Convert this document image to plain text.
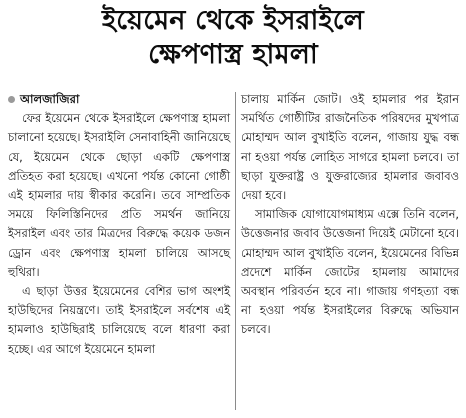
ইয়েমেন থেকে ইসরাইলে
ক্ষেপণাস্ত্র হামলা
আলজাজিরা

ফের ইয়েমেন থেকে ইসরাইলে ক্ষেপণাস্ত্র হামলা চালানো হয়েছে। ইসরাইলি সেনাবাহিনী জানিয়েছে যে, ইয়েমেন থেকে ছোড়া একটি ক্ষেপণাস্ত্র প্রতিহত করা হয়েছে। এখনো পর্যন্ত কোনো গোষ্ঠী এই হামলার দায় স্বীকার করেনি। তবে সাম্প্রতিক সময়ে ফিলিস্তিনিদের প্রতি সমর্থন জানিয়ে ইসরাইল এবং তার মিত্রদের বিরুদ্ধে কয়েক ডজন ড্রোন এবং ক্ষেপণাস্ত্র হামলা চালিয়ে আসছে হুথিরা।

এ ছাড়া উত্তর ইয়েমেনের বেশির ভাগ অংশই হাউছিদের নিয়ন্ত্রণে। তাই ইসরাইলে সর্বশেষ এই হামলাও হাউছিরাই চালিয়েছে বলে ধারণা করা হচ্ছে। এর আগে ইয়েমেনে হামলা

চালায় মার্কিন জোট। ওই হামলার পর ইরান সমর্থিত গোষ্ঠীটির রাজনৈতিক পরিষদের মুখপাত্র মোহাম্মদ আল বুখাইতি বলেন, গাজায় যুদ্ধ বন্ধ না হওয়া পর্যন্ত লোহিত সাগরে হামলা চলবে। তা ছাড়া যুক্তরাষ্ট্র ও যুক্তরাজ্যের হামলার জবাবও দেয়া হবে।

সামাজিক যোগাযোগমাধ্যম এক্সে তিনি বলেন, উত্তেজনার জবাব উত্তেজনা দিয়েই মেটানো হবে। মোহাম্মদ আল বুখাইতি বলেন, ইয়েমেনের বিভিন্ন প্রদেশে মার্কিন জোটের হামলায় আমাদের অবস্থান পরিবর্তন হবে না। গাজায় গণহত্যা বন্ধ না হওয়া পর্যন্ত ইসরাইলের বিরুদ্ধে অভিযান চলবে।
